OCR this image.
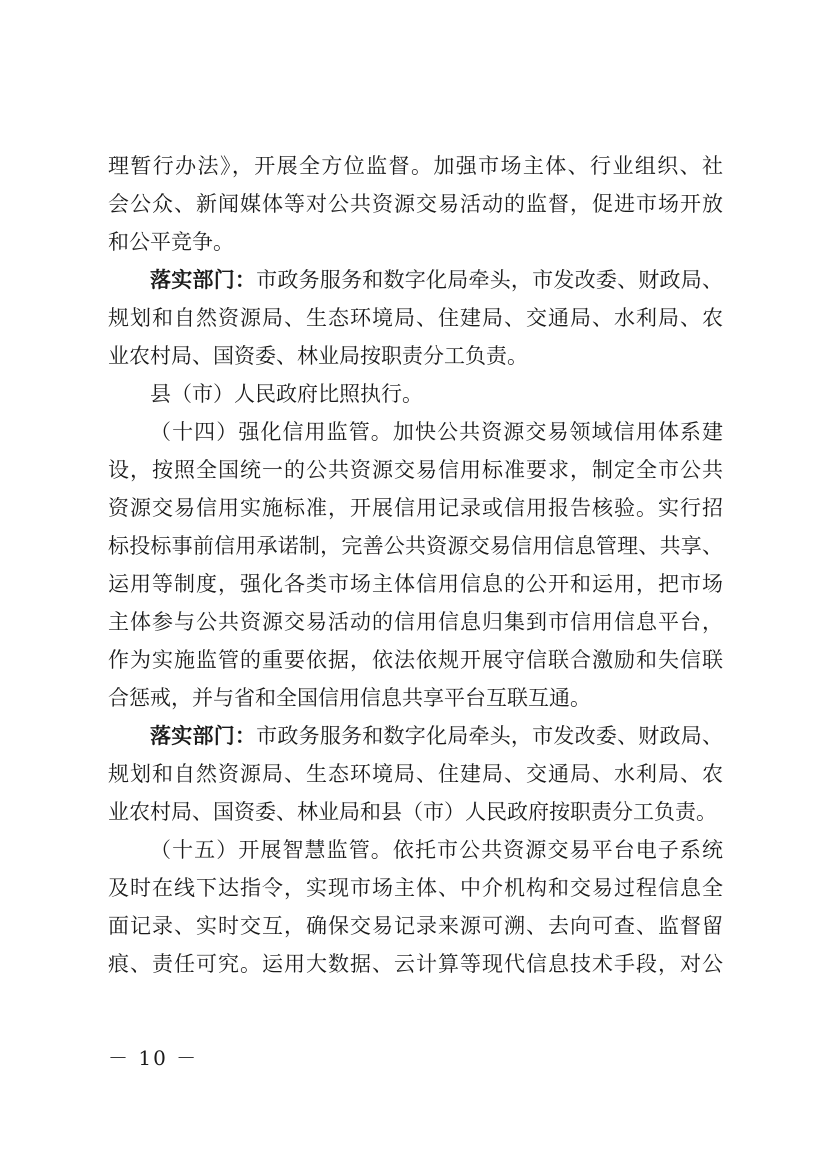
理暂行办法》，开展全方位监督。加强市场主体、行业组织、社
会公众、新闻媒体等对公共资源交易活动的监督，促进市场开放
和公平竞争。
落实部门：市政务服务和数字化局牵头，市发改委、财政局、
规划和自然资源局、生态环境局、住建局、交通局、水利局、农
业农村局、国资委、林业局按职责分工负责。
县（市）人民政府比照执行。
（十四）强化信用监管。加快公共资源交易领域信用体系建
设，按照全国统一的公共资源交易信用标准要求，制定全市公共
资源交易信用实施标准，开展信用记录或信用报告核验。实行招
标投标事前信用承诺制，完善公共资源交易信用信息管理、共享、
运用等制度，强化各类市场主体信用信息的公开和运用，把市场
主体参与公共资源交易活动的信用信息归集到市信用信息平台，
作为实施监管的重要依据，依法依规开展守信联合激励和失信联
合惩戒，并与省和全国信用信息共享平台互联互通。
落实部门：市政务服务和数字化局牵头，市发改委、财政局、
规划和自然资源局、生态环境局、住建局、交通局、水利局、农
业农村局、国资委、林业局和县（市）人民政府按职责分工负责。
（十五）开展智慧监管。依托市公共资源交易平台电子系统
及时在线下达指令，实现市场主体、中介机构和交易过程信息全
面记录、实时交互，确保交易记录来源可溯、去向可查、监督留
痕、责任可究。运用大数据、云计算等现代信息技术手段，对公
－ 10 －
